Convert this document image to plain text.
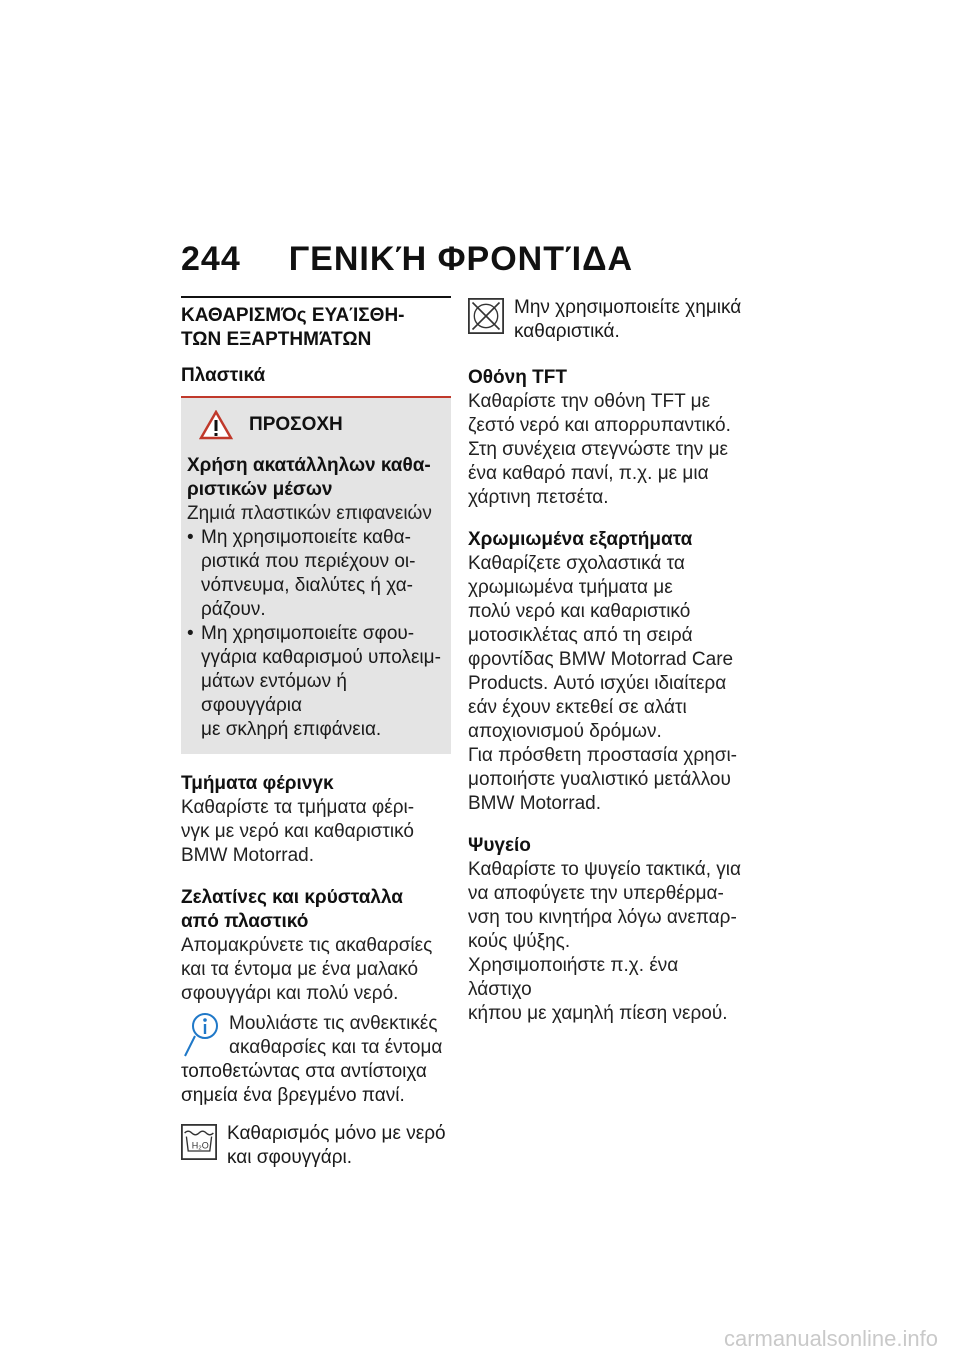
244 ΓΕΝΙΚΉ ΦΡΟΝΤΊΔΑ
ΚΑΘΑΡΙΣΜΌς ΕΥΑΊΣΘΗ-
ΤΩΝ ΕΞΑΡΤΗΜΆΤΩΝ
Πλαστικά
ΠΡΟΣΟΧΗ
Χρήση ακατάλληλων καθα-
ριστικών μέσων
Ζημιά πλαστικών επιφανειών
• Μη χρησιμοποιείτε καθα-
ριστικά που περιέχουν οι-
νόπνευμα, διαλύτες ή χα-
ράζουν.
• Μη χρησιμοποιείτε σφου-
γγάρια καθαρισμού υπολειμ-
μάτων εντόμων ή σφουγγάρια
με σκληρή επιφάνεια.
Τμήματα φέρινγκ
Καθαρίστε τα τμήματα φέρι-
νγκ με νερό και καθαριστικό
BMW Motorrad.
Ζελατίνες και κρύσταλλα
από πλαστικό
Απομακρύνετε τις ακαθαρσίες
και τα έντομα με ένα μαλακό
σφουγγάρι και πολύ νερό.
Μουλιάστε τις ανθεκτικές
ακαθαρσίες και τα έντομα
τοποθετώντας στα αντίστοιχα
σημεία ένα βρεγμένο πανί.
H₂O
Καθαρισμός μόνο με νερό
και σφουγγάρι.
Μην χρησιμοποιείτε χημικά
καθαριστικά.
Οθόνη TFT
Καθαρίστε την οθόνη TFT με
ζεστό νερό και απορρυπαντικό.
Στη συνέχεια στεγνώστε την με
ένα καθαρό πανί, π.χ. με μια
χάρτινη πετσέτα.
Χρωμιωμένα εξαρτήματα
Καθαρίζετε σχολαστικά τα
χρωμιωμένα τμήματα με
πολύ νερό και καθαριστικό
μοτοσικλέτας από τη σειρά
φροντίδας BMW Motorrad Care
Products. Αυτό ισχύει ιδιαίτερα
εάν έχουν εκτεθεί σε αλάτι
αποχιονισμού δρόμων.
Για πρόσθετη προστασία χρησι-
μοποιήστε γυαλιστικό μετάλλου
BMW Motorrad.
Ψυγείο
Καθαρίστε το ψυγείο τακτικά, για
να αποφύγετε την υπερθέρμα-
νση του κινητήρα λόγω ανεπαρ-
κούς ψύξης.
Χρησιμοποιήστε π.χ. ένα λάστιχο
κήπου με χαμηλή πίεση νερού.
carmanualsonline.info
